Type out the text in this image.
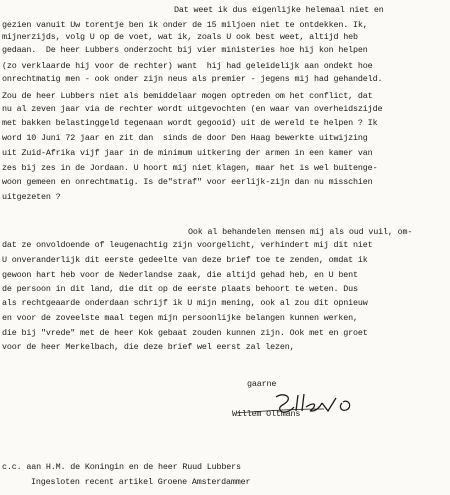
Dat weet ik dus eigenlijke helemaal niet en
gezien vanuit Uw torentje ben ik onder de 15 miljoen niet te ontdekken. Ik,
mijnerzijds, volg U op de voet, wat ik, zoals U ook best weet, altijd heb
gedaan.  De heer Lubbers onderzocht bij vier ministeries hoe hij kon helpen
(zo verklaarde hij voor de rechter) want  hij had geleidelijk aan ondekt hoe
onrechtmatig men - ook onder zijn neus als premier - jegens mij had gehandeld.
Zou de heer Lubbers niet als bemiddelaar mogen optreden om het conflict, dat
nu al zeven jaar via de rechter wordt uitgevochten (en waar van overheidszijde
met bakken belastinggeld tegenaan wordt gegooid) uit de wereld te helpen ? Ik
word 10 Juni 72 jaar en zit dan  sinds de door Den Haag bewerkte uitwijzing
uit Zuid-Afrika vijf jaar in de minimum uitkering der armen in een kamer van
zes bij zes in de Jordaan. U hoort mij niet klagen, maar het is wel buitenge-
woon gemeen en onrechtmatig. Is de"straf" voor eerlijk-zijn dan nu misschien
uitgezeten ?
Ook al behandelen mensen mij als oud vuil, om-
dat ze onvoldoende of leugenachtig zijn voorgelicht, verhindert mij dit niet
U onveranderlijk dit eerste gedeelte van deze brief toe te zenden, omdat ik
gewoon hart heb voor de Nederlandse zaak, die altijd gehad heb, en U bent
de persoon in dit land, die dit op de eerste plaats behoort te weten. Dus
als rechtgeaarde onderdaan schrijf ik U mijn mening, ook al zou dit opnieuw
en voor de zoveelste maal tegen mijn persoonlijke belangen kunnen werken,
die bij "vrede" met de heer Kok gebaat zouden kunnen zijn. Ook met en groet
voor de heer Merkelbach, die deze brief wel eerst zal lezen,
gaarne
Willem Oltmans
c.c. aan H.M. de Koningin en de heer Ruud Lubbers
Ingesloten recent artikel Groene Amsterdammer
